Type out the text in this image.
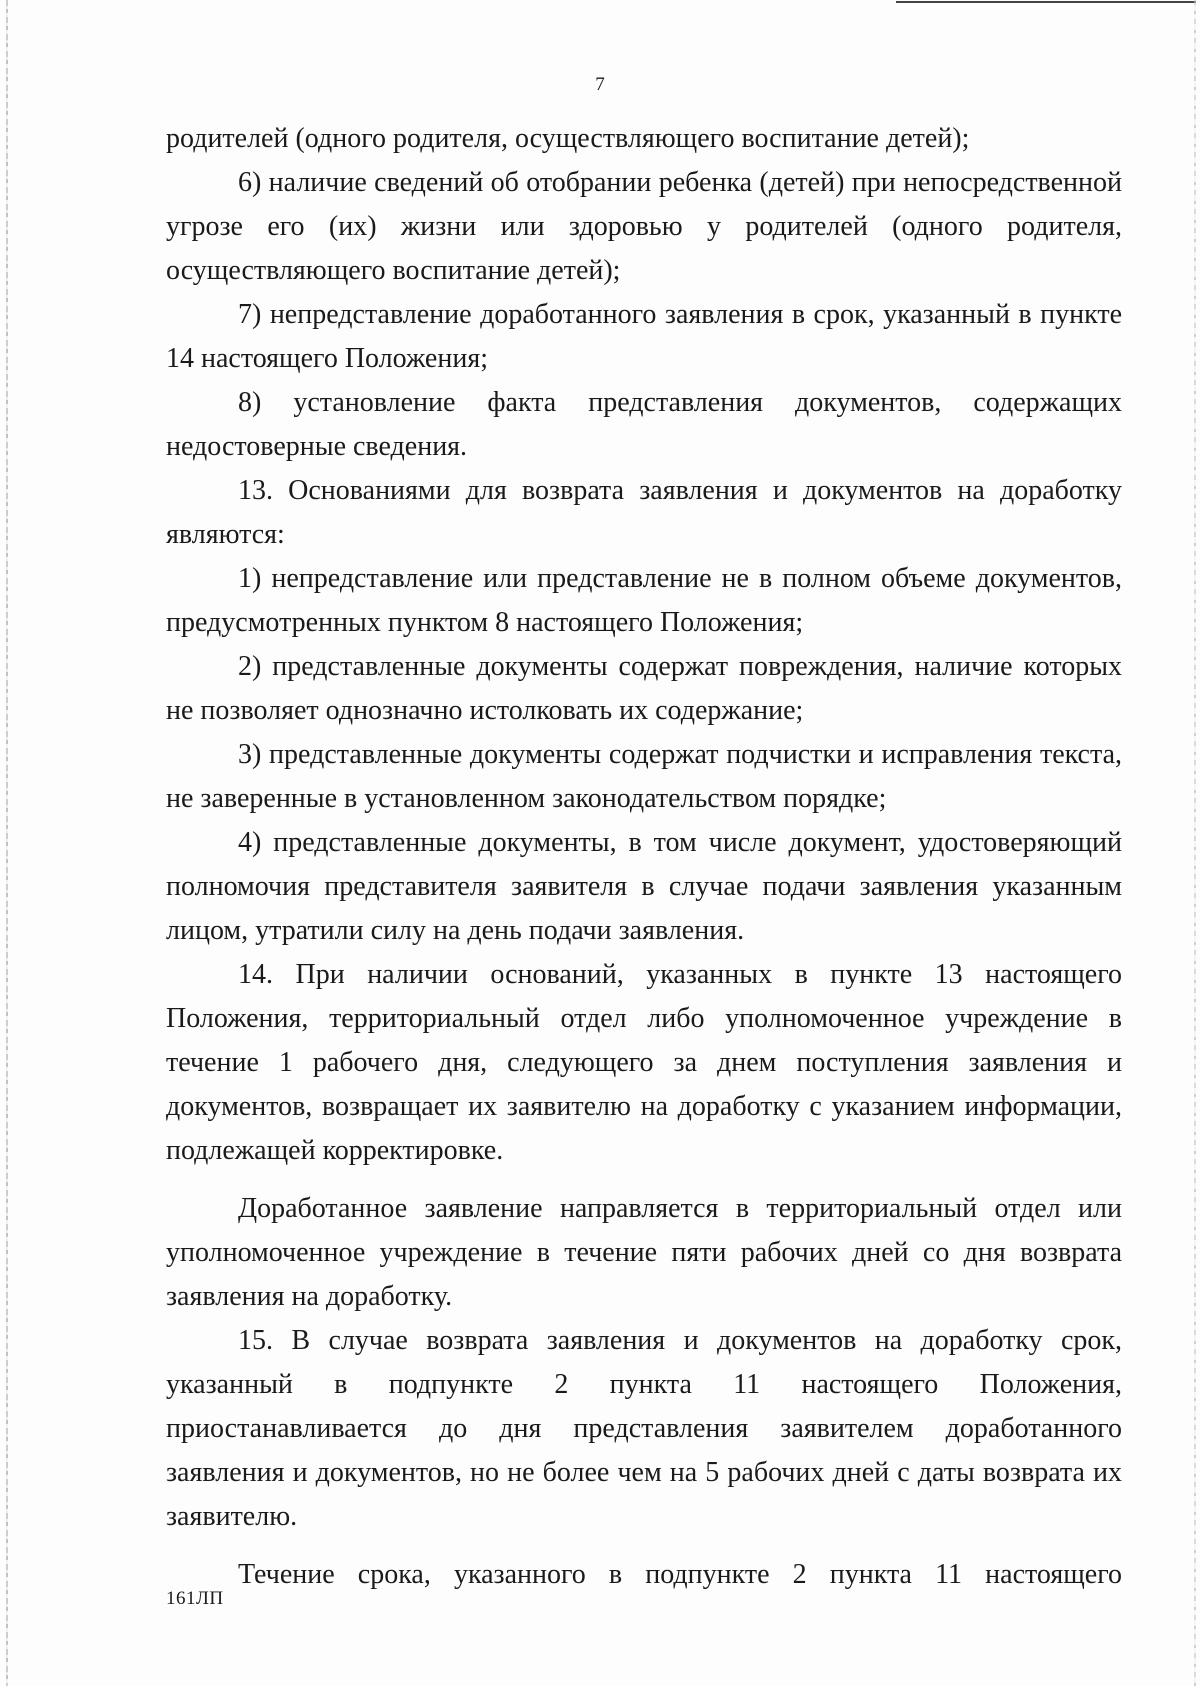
7

родителей (одного родителя, осуществляющего воспитание детей);

6) наличие сведений об отобрании ребенка (детей) при непосредственной угрозе его (их) жизни или здоровью у родителей (одного родителя, осуществляющего воспитание детей);

7) непредставление доработанного заявления в срок, указанный в пункте 14 настоящего Положения;

8) установление факта представления документов, содержащих недостоверные сведения.

13. Основаниями для возврата заявления и документов на доработку являются:

1) непредставление или представление не в полном объеме документов, предусмотренных пунктом 8 настоящего Положения;

2) представленные документы содержат повреждения, наличие которых не позволяет однозначно истолковать их содержание;

3) представленные документы содержат подчистки и исправления текста, не заверенные в установленном законодательством порядке;

4) представленные документы, в том числе документ, удостоверяющий полномочия представителя заявителя в случае подачи заявления указанным лицом, утратили силу на день подачи заявления.

14. При наличии оснований, указанных в пункте 13 настоящего Положения, территориальный отдел либо уполномоченное учреждение в течение 1 рабочего дня, следующего за днем поступления заявления и документов, возвращает их заявителю на доработку с указанием информации, подлежащей корректировке.

Доработанное заявление направляется в территориальный отдел или уполномоченное учреждение в течение пяти рабочих дней со дня возврата заявления на доработку.

15. В случае возврата заявления и документов на доработку срок, указанный в подпункте 2 пункта 11 настоящего Положения, приостанавливается до дня представления заявителем доработанного заявления и документов, но не более чем на 5 рабочих дней с даты возврата их заявителю.

Течение срока, указанного в подпункте 2 пункта 11 настоящего

161ЛП
